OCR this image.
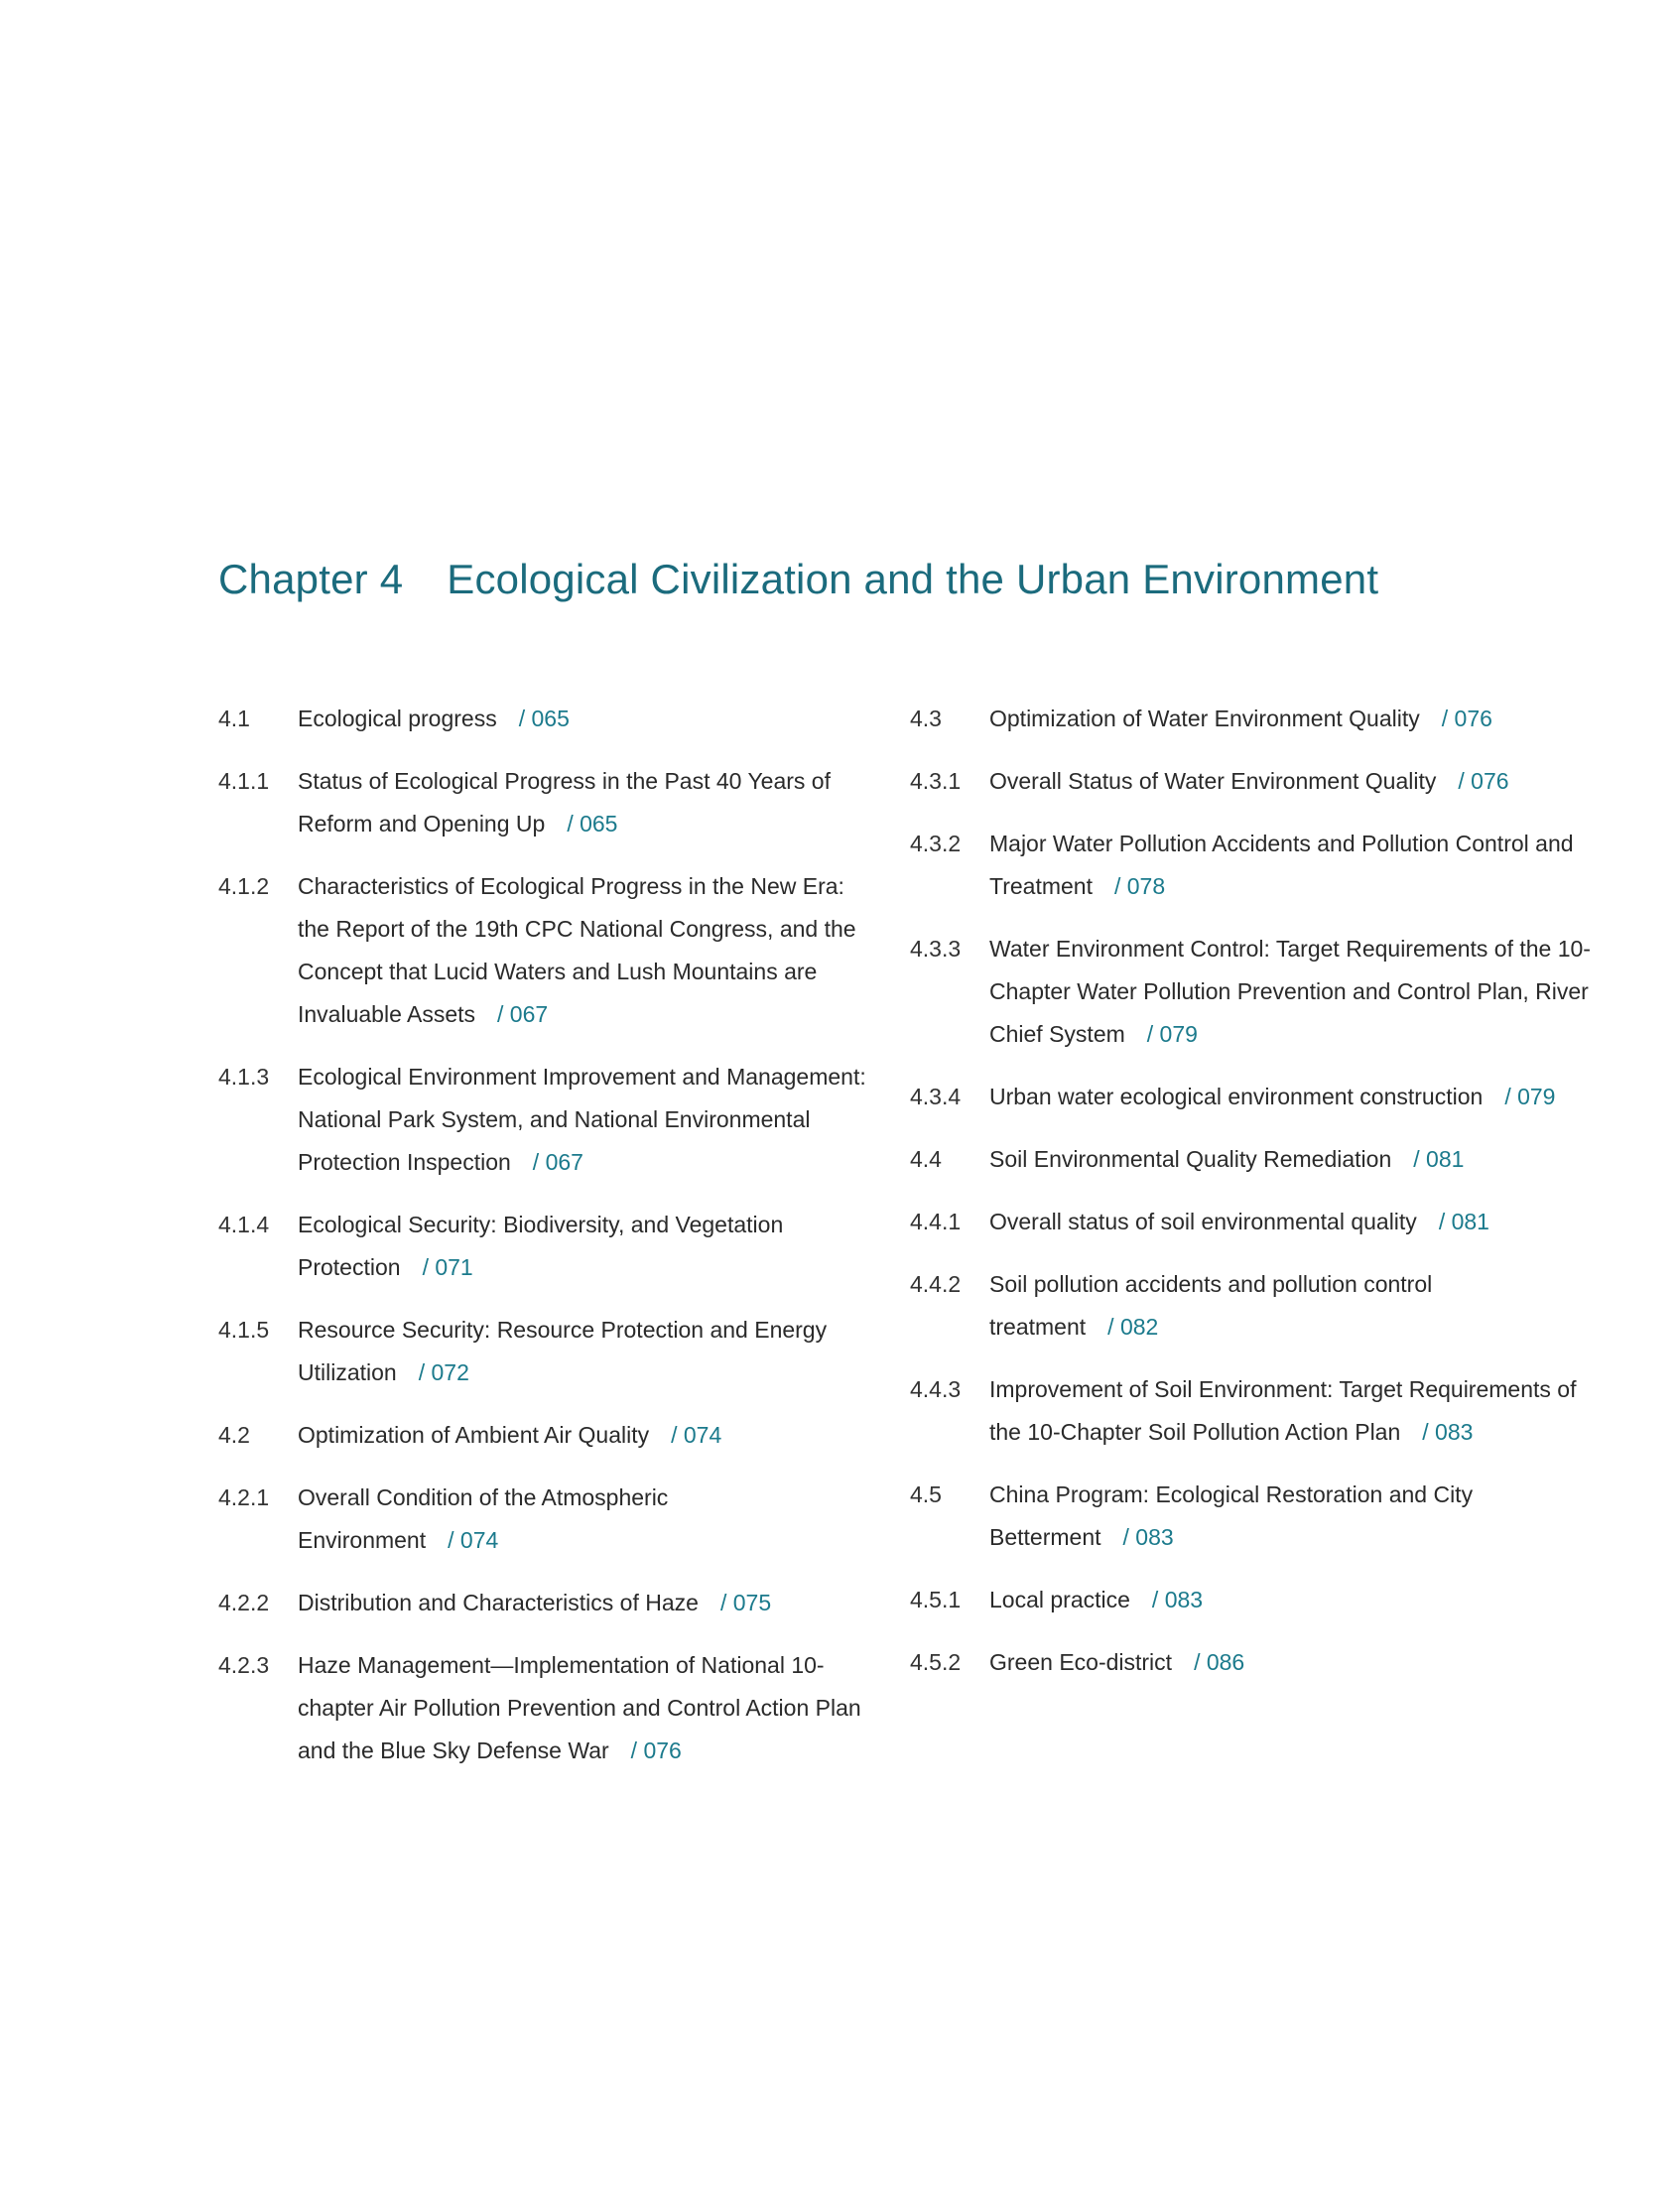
Chapter 4 Ecological Civilization and the Urban Environment
4.1	Ecological progress / 065
4.1.1	Status of Ecological Progress in the Past 40 Years of Reform and Opening Up / 065
4.1.2	Characteristics of Ecological Progress in the New Era: the Report of the 19th CPC National Congress, and the Concept that Lucid Waters and Lush Mountains are Invaluable Assets / 067
4.1.3	Ecological Environment Improvement and Management: National Park System, and National Environmental Protection Inspection / 067
4.1.4	Ecological Security: Biodiversity, and Vegetation Protection / 071
4.1.5	Resource Security: Resource Protection and Energy Utilization / 072
4.2	Optimization of Ambient Air Quality / 074
4.2.1	Overall Condition of the Atmospheric Environment / 074
4.2.2	Distribution and Characteristics of Haze / 075
4.2.3	Haze Management—Implementation of National 10-chapter Air Pollution Prevention and Control Action Plan and the Blue Sky Defense War / 076
4.3	Optimization of Water Environment Quality / 076
4.3.1	Overall Status of Water Environment Quality / 076
4.3.2	Major Water Pollution Accidents and Pollution Control and Treatment / 078
4.3.3	Water Environment Control: Target Requirements of the 10-Chapter Water Pollution Prevention and Control Plan, River Chief System / 079
4.3.4	Urban water ecological environment construction / 079
4.4	Soil Environmental Quality Remediation / 081
4.4.1	Overall status of soil environmental quality / 081
4.4.2	Soil pollution accidents and pollution control treatment / 082
4.4.3	Improvement of Soil Environment: Target Requirements of the 10-Chapter Soil Pollution Action Plan / 083
4.5	China Program: Ecological Restoration and City Betterment / 083
4.5.1	Local practice / 083
4.5.2	Green Eco-district / 086
